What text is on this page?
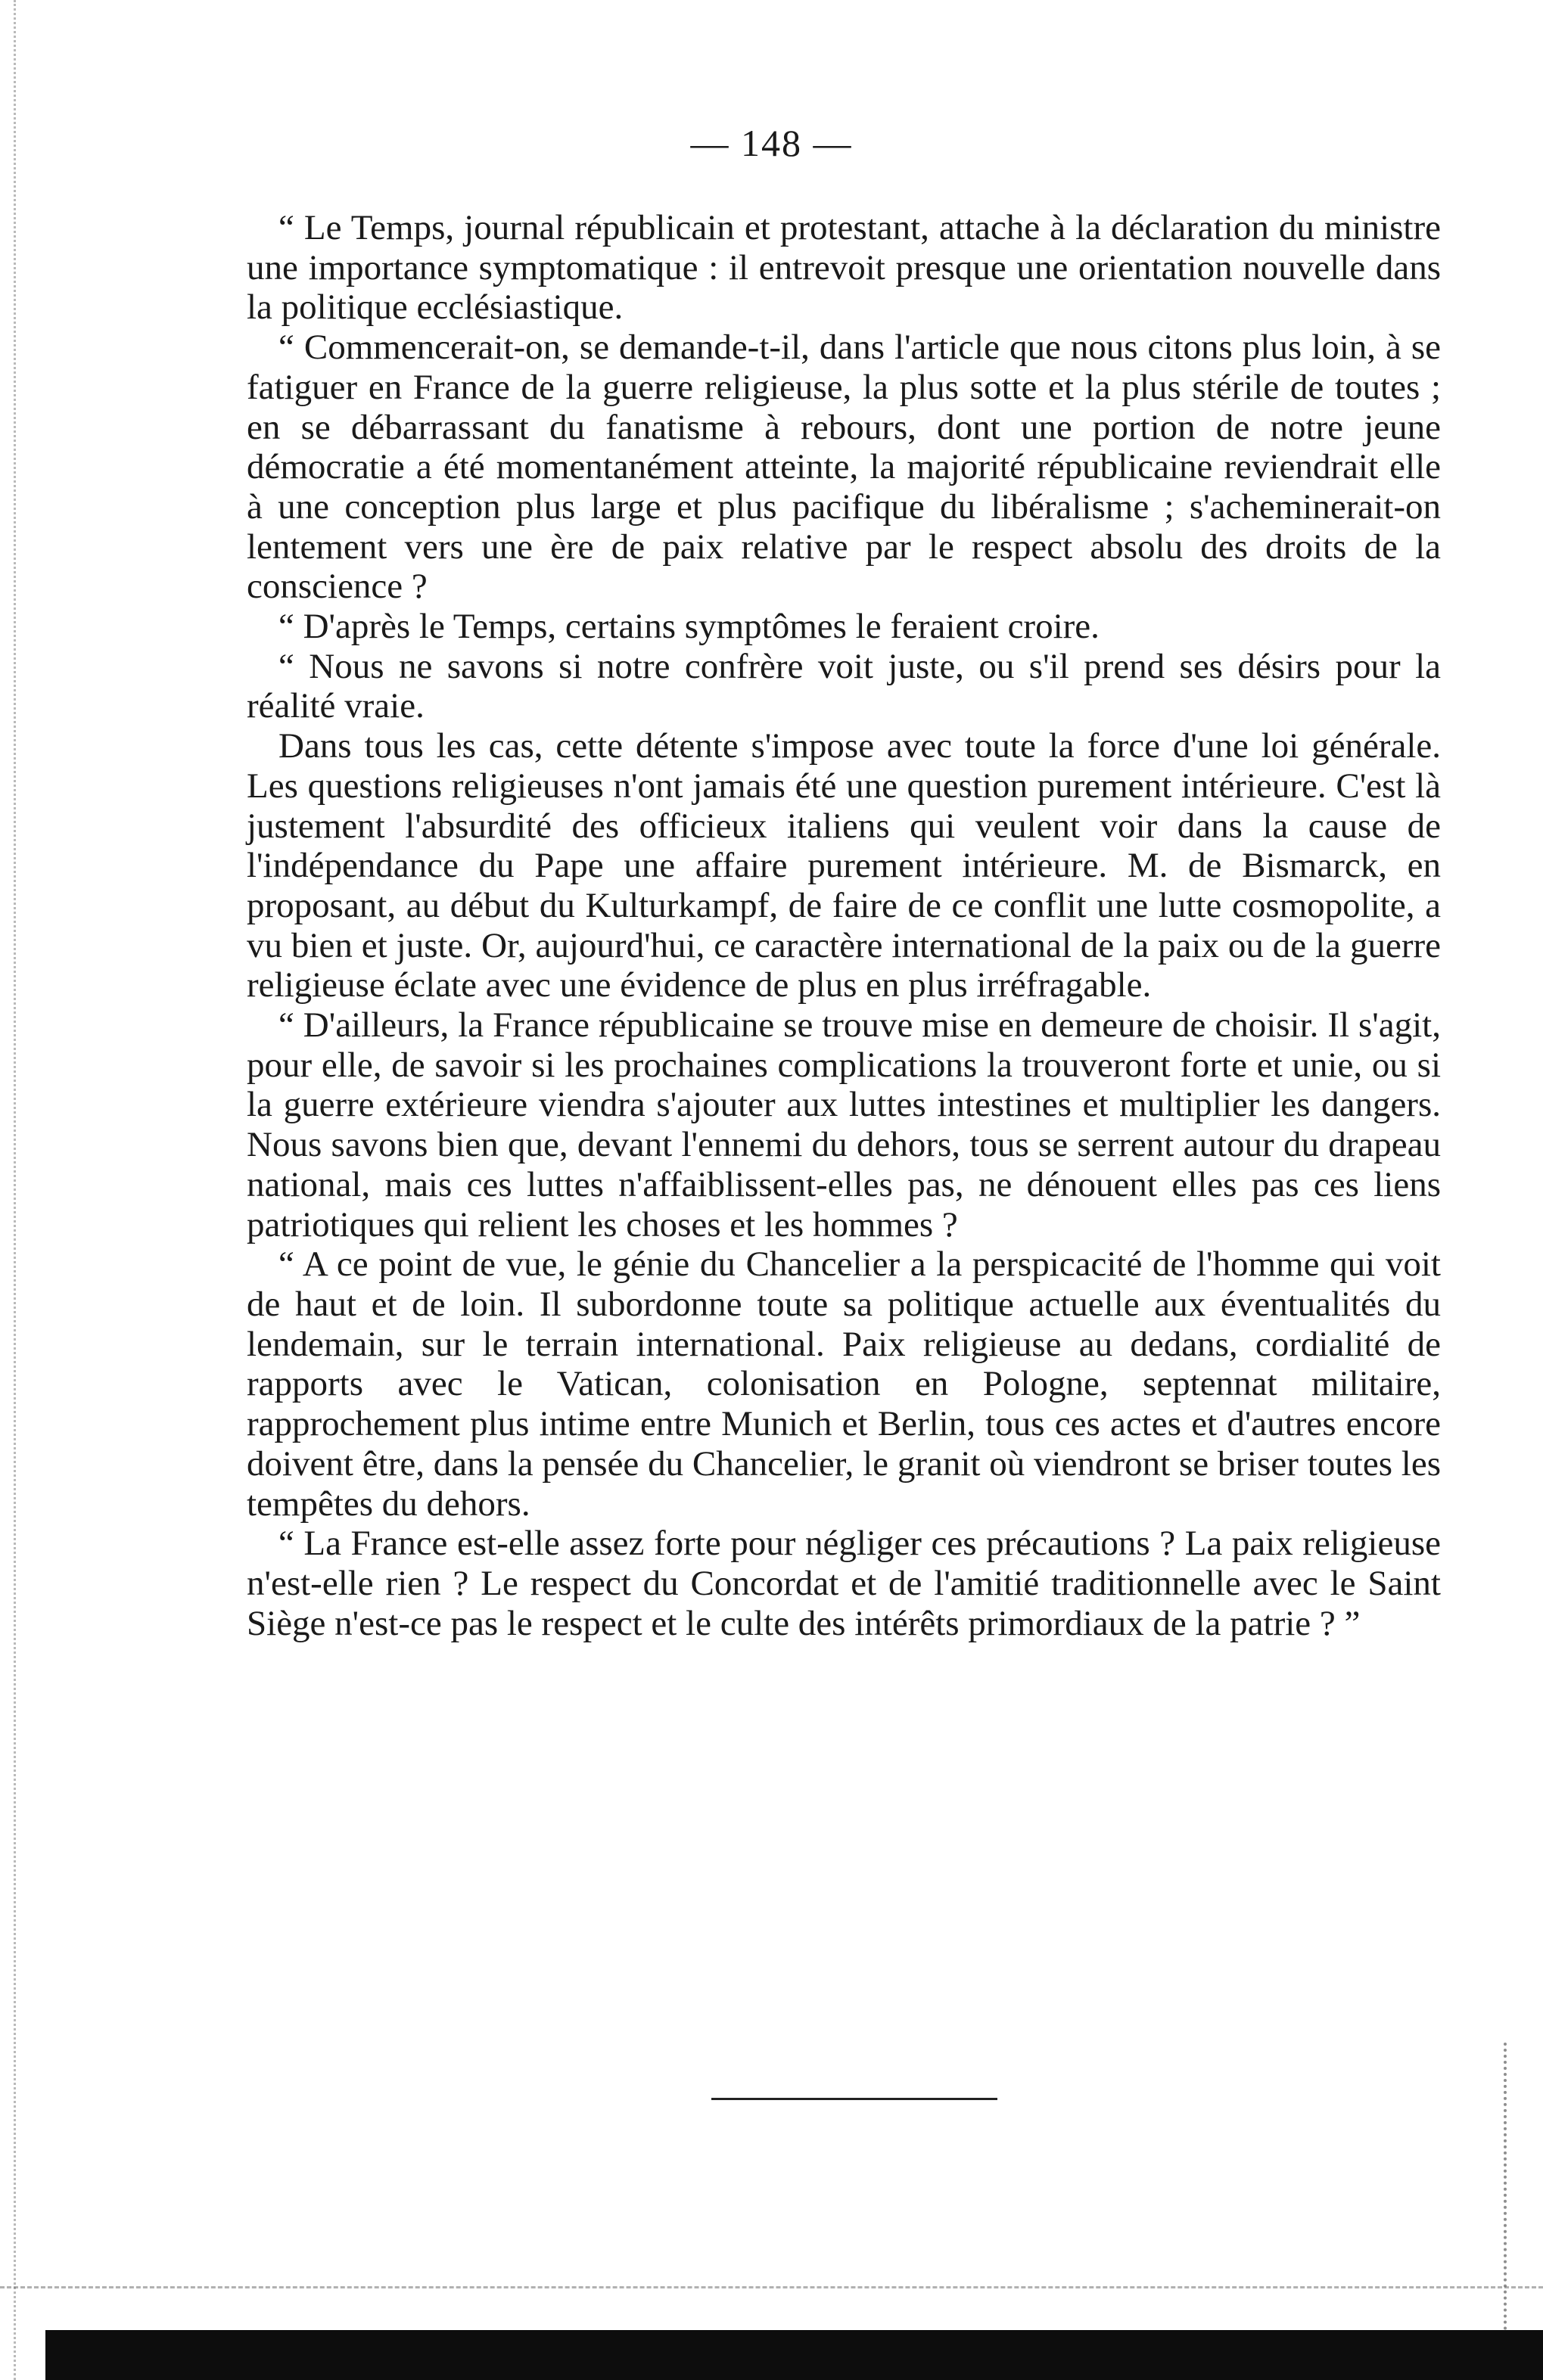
— 148 —

“ Le Temps, journal républicain et protestant, attache à la déclaration du ministre une importance symptomatique : il entrevoit presque une orientation nouvelle dans la politique ecclésiastique.

“ Commencerait-on, se demande-t-il, dans l'article que nous citons plus loin, à se fatiguer en France de la guerre religieuse, la plus sotte et la plus stérile de toutes ; en se débarrassant du fanatisme à rebours, dont une portion de notre jeune démocratie a été momentanément atteinte, la majorité républicaine reviendrait elle à une conception plus large et plus pacifique du libéralisme ; s'acheminerait-on lentement vers une ère de paix relative par le respect absolu des droits de la conscience ?

“ D'après le Temps, certains symptômes le feraient croire.

“ Nous ne savons si notre confrère voit juste, ou s'il prend ses désirs pour la réalité vraie.

Dans tous les cas, cette détente s'impose avec toute la force d'une loi générale. Les questions religieuses n'ont jamais été une question purement intérieure. C'est là justement l'absurdité des officieux italiens qui veulent voir dans la cause de l'indépendance du Pape une affaire purement intérieure. M. de Bismarck, en proposant, au début du Kulturkampf, de faire de ce conflit une lutte cosmopolite, a vu bien et juste. Or, aujourd'hui, ce caractère international de la paix ou de la guerre religieuse éclate avec une évidence de plus en plus irréfragable.

“ D'ailleurs, la France républicaine se trouve mise en demeure de choisir. Il s'agit, pour elle, de savoir si les prochaines complications la trouveront forte et unie, ou si la guerre extérieure viendra s'ajouter aux luttes intestines et multiplier les dangers. Nous savons bien que, devant l'ennemi du dehors, tous se serrent autour du drapeau national, mais ces luttes n'affaiblissent-elles pas, ne dénouent elles pas ces liens patriotiques qui relient les choses et les hommes ?

“ A ce point de vue, le génie du Chancelier a la perspicacité de l'homme qui voit de haut et de loin. Il subordonne toute sa politique actuelle aux éventualités du lendemain, sur le terrain international. Paix religieuse au dedans, cordialité de rapports avec le Vatican, colonisation en Pologne, septennat militaire, rapprochement plus intime entre Munich et Berlin, tous ces actes et d'autres encore doivent être, dans la pensée du Chancelier, le granit où viendront se briser toutes les tempêtes du dehors.

“ La France est-elle assez forte pour négliger ces précautions ? La paix religieuse n'est-elle rien ? Le respect du Concordat et de l'amitié traditionnelle avec le Saint Siège n'est-ce pas le respect et le culte des intérêts primordiaux de la patrie ? ”
